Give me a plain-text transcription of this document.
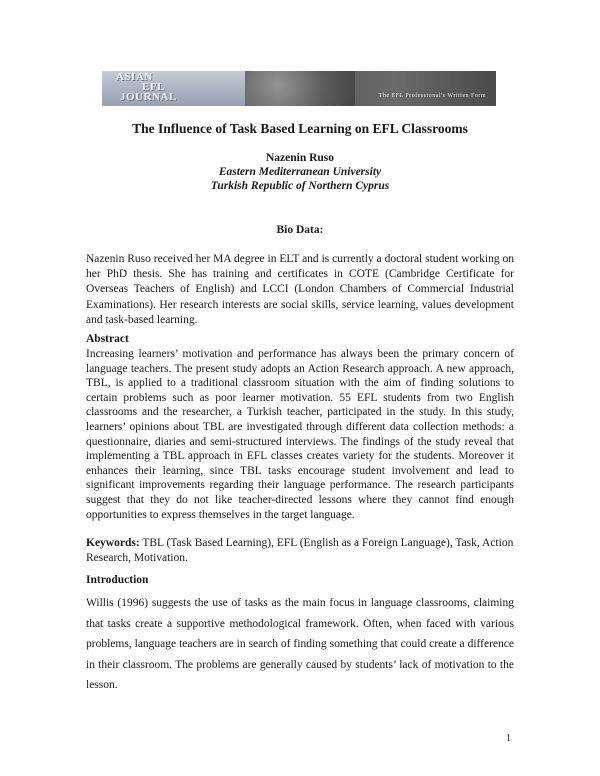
ASIAN
EFL
JOURNAL	The EFL Professional's Written Form
The Influence of Task Based Learning on EFL Classrooms
Nazenin Ruso
Eastern Mediterranean University
Turkish Republic of Northern Cyprus
Bio Data:
Nazenin Ruso received her MA degree in ELT and is currently a doctoral student working on her PhD thesis. She has training and certificates in COTE (Cambridge Certificate for Overseas Teachers of English) and LCCI (London Chambers of Commercial Industrial Examinations). Her research interests are social skills, service learning, values development and task-based learning.
Abstract
Increasing learners’ motivation and performance has always been the primary concern of language teachers. The present study adopts an Action Research approach. A new approach, TBL, is applied to a traditional classroom situation with the aim of finding solutions to certain problems such as poor learner motivation. 55 EFL students from two English classrooms and the researcher, a Turkish teacher, participated in the study. In this study, learners’ opinions about TBL are investigated through different data collection methods: a questionnaire, diaries and semi-structured interviews. The findings of the study reveal that implementing a TBL approach in EFL classes creates variety for the students. Moreover it enhances their learning, since TBL tasks encourage student involvement and lead to significant improvements regarding their language performance. The research participants suggest that they do not like teacher-directed lessons where they cannot find enough opportunities to express themselves in the target language.
Keywords: TBL (Task Based Learning), EFL (English as a Foreign Language), Task, Action Research, Motivation.
Introduction
Willis (1996) suggests the use of tasks as the main focus in language classrooms, claiming that tasks create a supportive methodological framework. Often, when faced with various problems, language teachers are in search of finding something that could create a difference in their classroom. The problems are generally caused by students’ lack of motivation to the lesson.
1
